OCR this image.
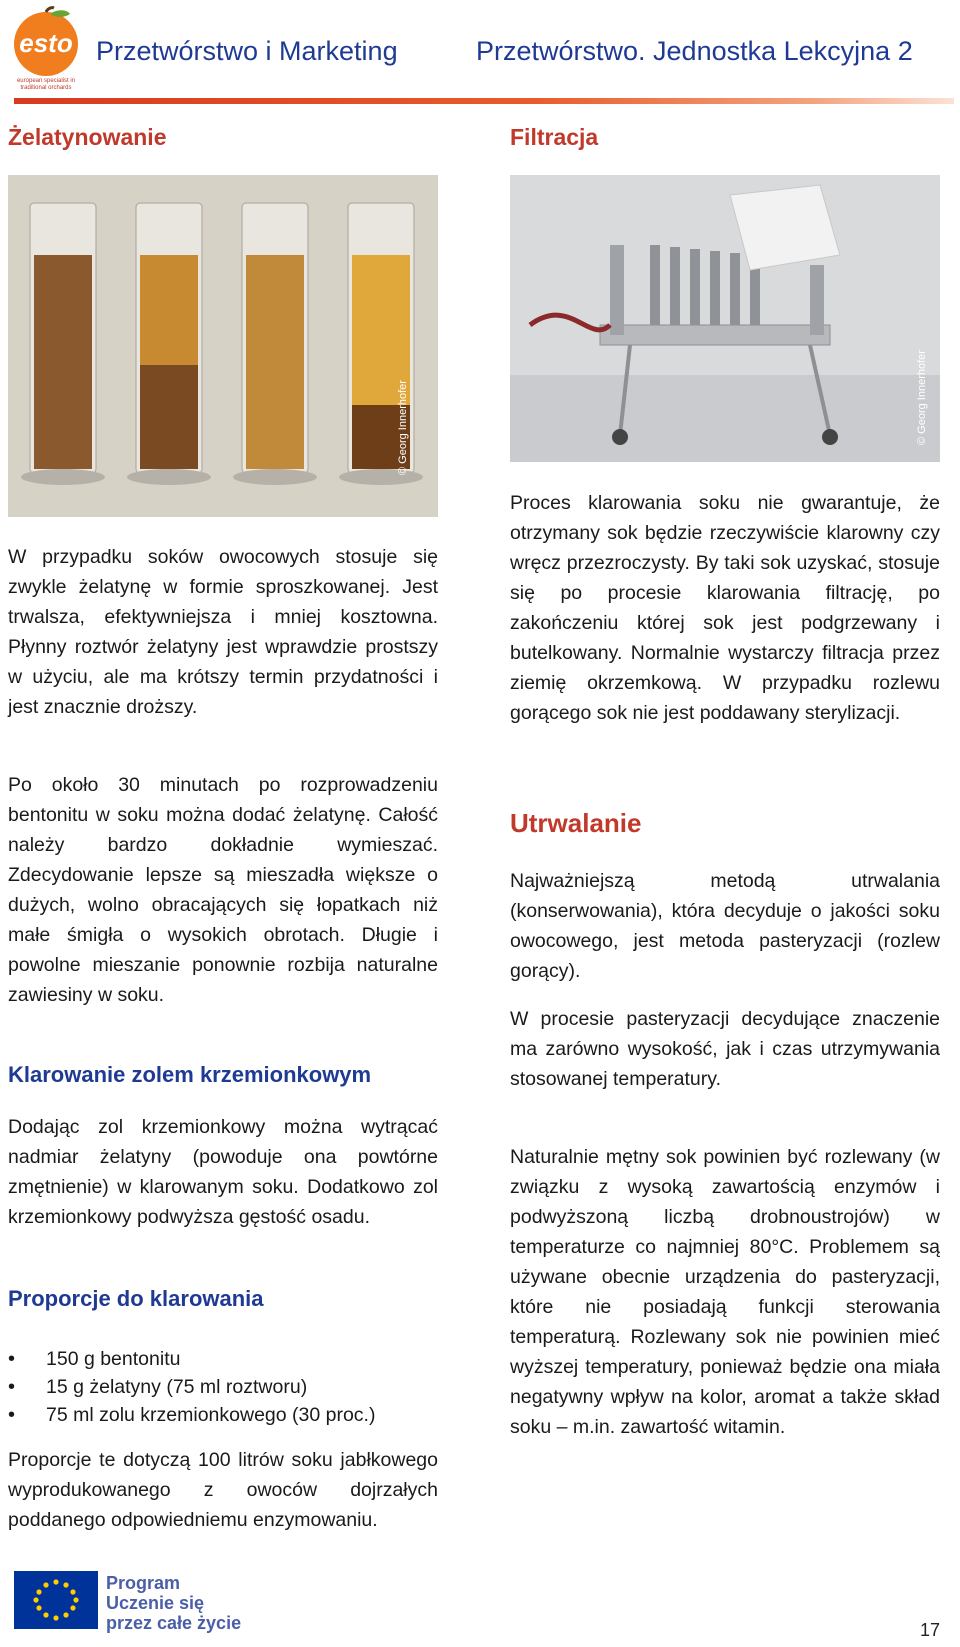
esto
european specialist in
traditional orchards
Przetwórstwo i Marketing	Przetwórstwo. Jednostka Lekcyjna 2
Żelatynowanie
© Georg Innerhofer
W przypadku soków owocowych stosuje się zwykle żelatynę w formie sproszkowanej. Jest trwalsza, efektywniejsza i mniej kosztowna. Płynny roztwór żelatyny jest wprawdzie prostszy w użyciu, ale ma krótszy termin przydatności i jest znacznie droższy.
Po około 30 minutach po rozprowadzeniu bentonitu w soku można dodać żelatynę. Całość należy bardzo dokładnie wymieszać. Zdecydowanie lepsze są mieszadła większe o dużych, wolno obracających się łopatkach niż małe śmigła o wysokich obrotach. Długie i powolne mieszanie ponownie rozbija naturalne zawiesiny w soku.
Klarowanie zolem krzemionkowym
Dodając zol krzemionkowy można wytrącać nadmiar żelatyny (powoduje ona powtórne zmętnienie) w klarowanym soku. Dodatkowo zol krzemionkowy podwyższa gęstość osadu.
Proporcje do klarowania
• 150 g bentonitu
• 15 g żelatyny (75 ml roztworu)
• 75 ml zolu krzemionkowego (30 proc.)
Proporcje te dotyczą 100 litrów soku jabłkowego wyprodukowanego z owoców dojrzałych poddanego odpowiedniemu enzymowaniu.
Filtracja
© Georg Innerhofer
Proces klarowania soku nie gwarantuje, że otrzymany sok będzie rzeczywiście klarowny czy wręcz przezroczysty. By taki sok uzyskać, stosuje się po procesie klarowania filtrację, po zakończeniu której sok jest podgrzewany i butelkowany. Normalnie wystarczy filtracja przez ziemię okrzemkową. W przypadku rozlewu gorącego sok nie jest poddawany sterylizacji.
Utrwalanie
Najważniejszą metodą utrwalania (konserwowania), która decyduje o jakości soku owocowego, jest metoda pasteryzacji (rozlew gorący).
W procesie pasteryzacji decydujące znaczenie ma zarówno wysokość, jak i czas utrzymywania stosowanej temperatury.
Naturalnie mętny sok powinien być rozlewany (w związku z wysoką zawartością enzymów i podwyższoną liczbą drobnoustrojów) w temperaturze co najmniej 80°C. Problemem są używane obecnie urządzenia do pasteryzacji, które nie posiadają funkcji sterowania temperaturą. Rozlewany sok nie powinien mieć wyższej temperatury, ponieważ będzie ona miała negatywny wpływ na kolor, aromat a także skład soku – m.in. zawartość witamin.
Program
Uczenie się
przez całe życie	17
